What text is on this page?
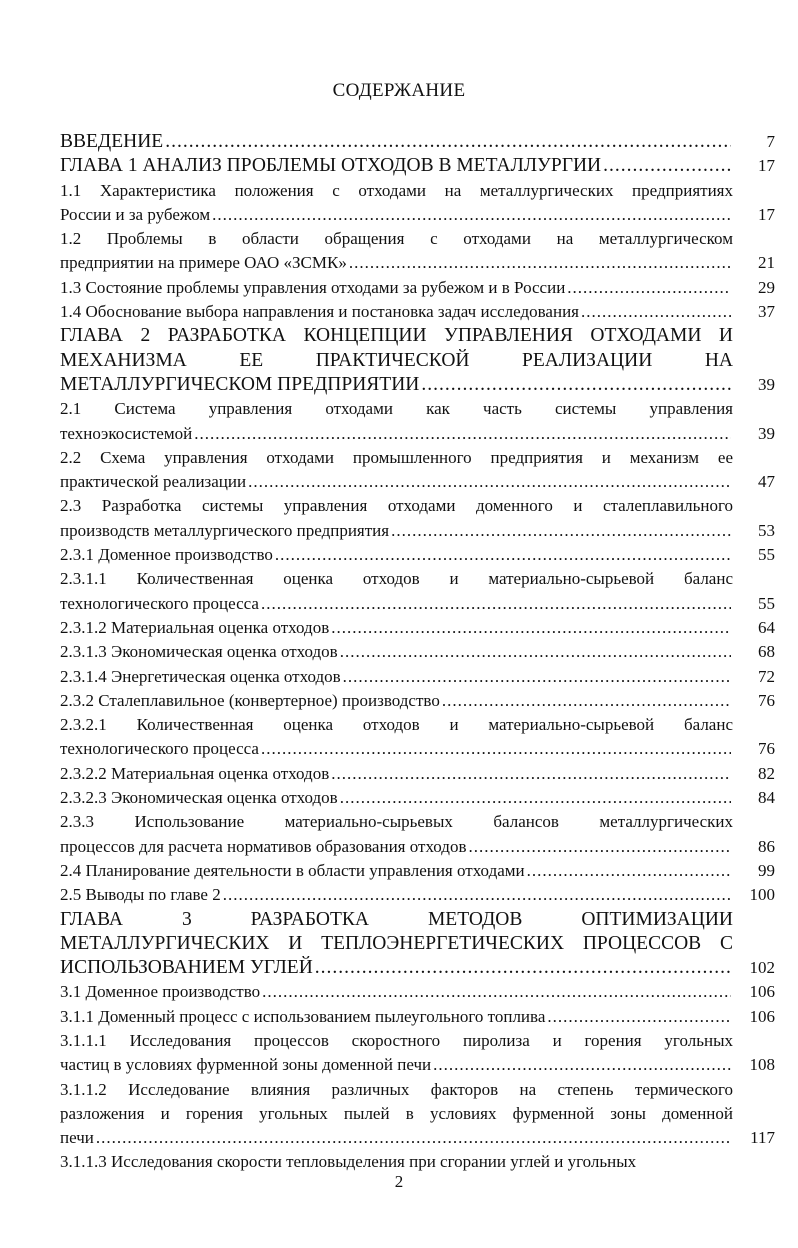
СОДЕРЖАНИЕ
ВВЕДЕНИЕ .....	7
ГЛАВА 1 АНАЛИЗ ПРОБЛЕМЫ ОТХОДОВ В МЕТАЛЛУРГИИ .....	17
1.1 Характеристика положения с отходами на металлургических предприятиях
России и за рубежом .....	17
1.2 Проблемы в области обращения с отходами на металлургическом
предприятии на примере ОАО «ЗСМК» .....	21
1.3 Состояние проблемы управления отходами за рубежом и в России .....	29
1.4 Обоснование выбора направления и постановка задач исследования .....	37
ГЛАВА 2 РАЗРАБОТКА КОНЦЕПЦИИ УПРАВЛЕНИЯ ОТХОДАМИ И
МЕХАНИЗМА ЕЕ ПРАКТИЧЕСКОЙ РЕАЛИЗАЦИИ НА
МЕТАЛЛУРГИЧЕСКОМ ПРЕДПРИЯТИИ .....	39
2.1 Система управления отходами как часть системы управления
техноэкосистемой .....	39
2.2 Схема управления отходами промышленного предприятия и механизм ее
практической реализации .....	47
2.3 Разработка системы управления отходами доменного и сталеплавильного
производств металлургического предприятия .....	53
2.3.1 Доменное производство .....	55
2.3.1.1 Количественная оценка отходов и материально-сырьевой баланс
технологического процесса .....	55
2.3.1.2 Материальная оценка отходов .....	64
2.3.1.3 Экономическая оценка отходов .....	68
2.3.1.4 Энергетическая оценка отходов .....	72
2.3.2 Сталеплавильное (конвертерное) производство .....	76
2.3.2.1 Количественная оценка отходов и материально-сырьевой баланс
технологического процесса .....	76
2.3.2.2 Материальная оценка отходов .....	82
2.3.2.3 Экономическая оценка отходов .....	84
2.3.3 Использование материально-сырьевых балансов металлургических
процессов для расчета нормативов образования отходов .....	86
2.4 Планирование деятельности в области управления отходами .....	99
2.5 Выводы по главе 2 .....	100
ГЛАВА 3 РАЗРАБОТКА МЕТОДОВ ОПТИМИЗАЦИИ
МЕТАЛЛУРГИЧЕСКИХ И ТЕПЛОЭНЕРГЕТИЧЕСКИХ ПРОЦЕССОВ С
ИСПОЛЬЗОВАНИЕМ УГЛЕЙ .....	102
3.1 Доменное производство .....	106
3.1.1 Доменный процесс с использованием пылеугольного топлива .....	106
3.1.1.1 Исследования процессов скоростного пиролиза и горения угольных
частиц в условиях фурменной зоны доменной печи .....	108
3.1.1.2 Исследование влияния различных факторов на степень термического
разложения и горения угольных пылей в условиях фурменной зоны доменной
печи .....	117
3.1.1.3 Исследования скорости тепловыделения при сгорании углей и угольных
2
